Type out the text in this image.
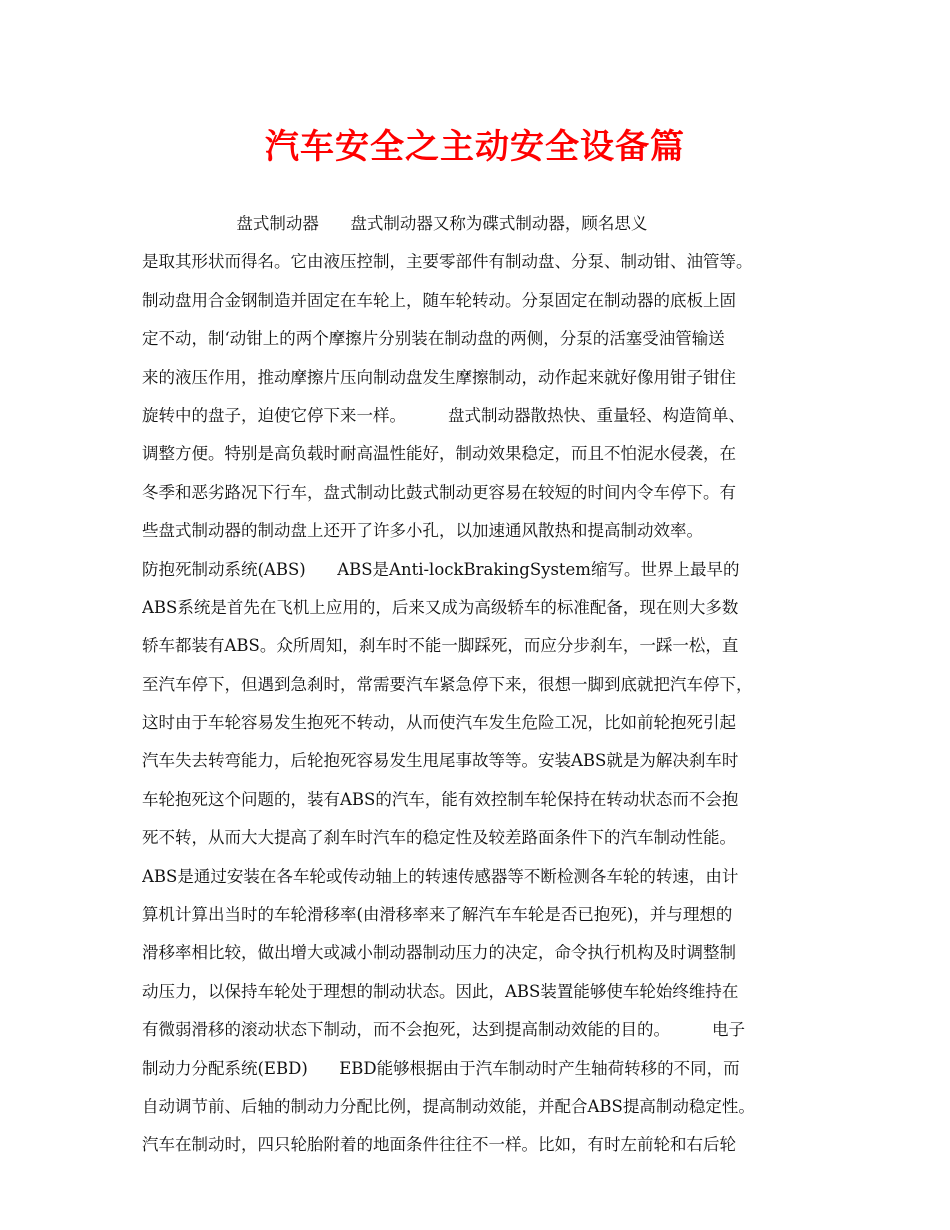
汽车安全之主动安全设备篇
盘式制动器      盘式制动器又称为碟式制动器，顾名思义
是取其形状而得名。它由液压控制，主要零部件有制动盘、分泵、制动钳、油管等。
制动盘用合金钢制造并固定在车轮上，随车轮转动。分泵固定在制动器的底板上固
定不动，制‘动钳上的两个摩擦片分别装在制动盘的两侧，分泵的活塞受油管输送
来的液压作用，推动摩擦片压向制动盘发生摩擦制动，动作起来就好像用钳子钳住
旋转中的盘子，迫使它停下来一样。        盘式制动器散热快、重量轻、构造简单、
调整方便。特别是高负载时耐高温性能好，制动效果稳定，而且不怕泥水侵袭，在
冬季和恶劣路况下行车，盘式制动比鼓式制动更容易在较短的时间内令车停下。有
些盘式制动器的制动盘上还开了许多小孔，以加速通风散热和提高制动效率。
防抱死制动系统(ABS)      ABS是Anti-lockBrakingSystem缩写。世界上最早的
ABS系统是首先在飞机上应用的，后来又成为高级轿车的标准配备，现在则大多数
轿车都装有ABS。众所周知，刹车时不能一脚踩死，而应分步刹车，一踩一松，直
至汽车停下，但遇到急刹时，常需要汽车紧急停下来，很想一脚到底就把汽车停下，
这时由于车轮容易发生抱死不转动，从而使汽车发生危险工况，比如前轮抱死引起
汽车失去转弯能力，后轮抱死容易发生甩尾事故等等。安装ABS就是为解决刹车时
车轮抱死这个问题的，装有ABS的汽车，能有效控制车轮保持在转动状态而不会抱
死不转，从而大大提高了刹车时汽车的稳定性及较差路面条件下的汽车制动性能。
ABS是通过安装在各车轮或传动轴上的转速传感器等不断检测各车轮的转速，由计
算机计算出当时的车轮滑移率(由滑移率来了解汽车车轮是否已抱死)，并与理想的
滑移率相比较，做出增大或减小制动器制动压力的决定，命令执行机构及时调整制
动压力，以保持车轮处于理想的制动状态。因此，ABS装置能够使车轮始终维持在
有微弱滑移的滚动状态下制动，而不会抱死，达到提高制动效能的目的。        电子
制动力分配系统(EBD)      EBD能够根据由于汽车制动时产生轴荷转移的不同，而
自动调节前、后轴的制动力分配比例，提高制动效能，并配合ABS提高制动稳定性。
汽车在制动时，四只轮胎附着的地面条件往往不一样。比如，有时左前轮和右后轮
